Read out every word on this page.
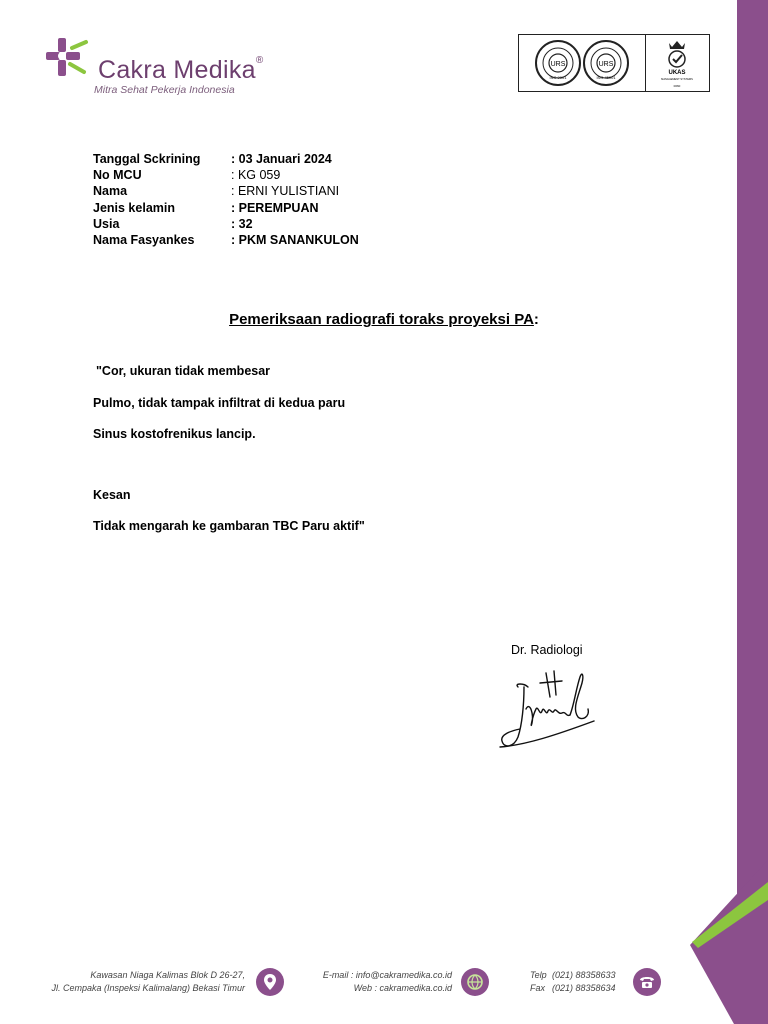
Cakra Medika®
Mitra Sehat Pekerja Indonesia
URS
ISO 9001
URS
ISO 45001
UKAS
MANAGEMENT SYSTEMS
0060
Tanggal Sckrining	: 03 Januari 2024
No MCU	: KG 059
Nama	: ERNI YULISTIANI
Jenis kelamin	: PEREMPUAN
Usia	: 32
Nama Fasyankes	: PKM SANANKULON
Pemeriksaan radiografi toraks proyeksi PA:
"Cor, ukuran tidak membesar
Pulmo, tidak tampak infiltrat di kedua paru
Sinus kostofrenikus lancip.
Kesan
Tidak mengarah ke gambaran TBC Paru aktif"
Dr. Radiologi
Kawasan Niaga Kalimas Blok D 26-27,
Jl. Cempaka (Inspeksi Kalimalang) Bekasi Timur
E-mail : info@cakramedika.co.id
Web : cakramedika.co.id
Telp (021) 88358633
Fax (021) 88358634
